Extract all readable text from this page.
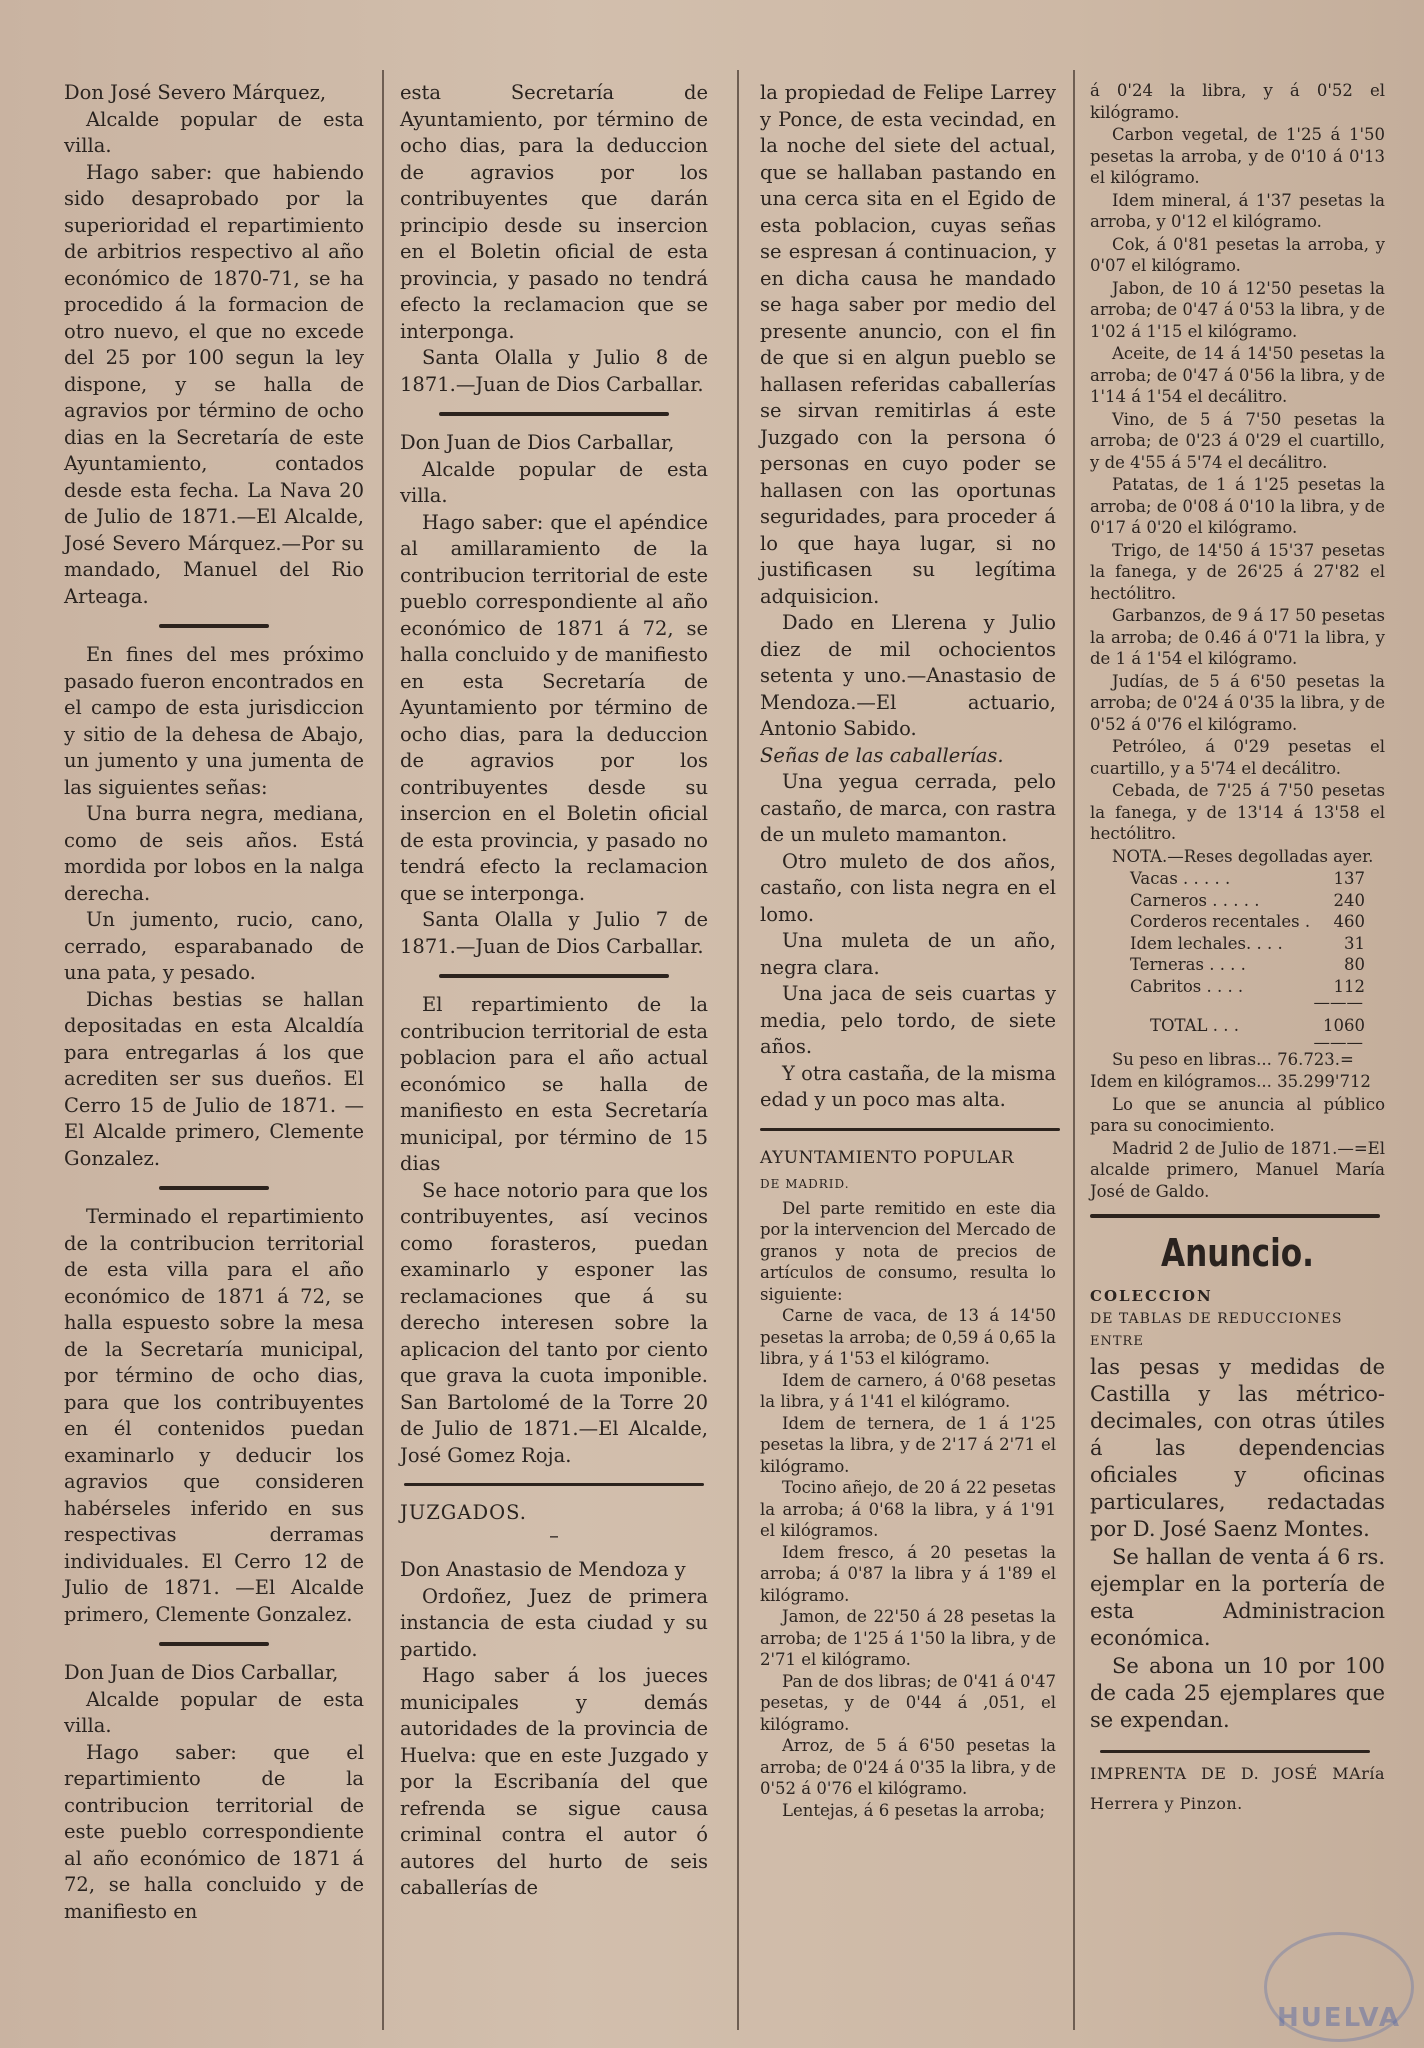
Don José Severo Márquez,

Alcalde popular de esta villa.

Hago saber: que habiendo sido desaprobado por la superioridad el repartimiento de arbitrios respectivo al año económico de 1870-71, se ha procedido á la formacion de otro nuevo, el que no excede del 25 por 100 segun la ley dispone, y se halla de agravios por término de ocho dias en la Secretaría de este Ayuntamiento, contados desde esta fecha. La Nava 20 de Julio de 1871.—El Alcalde, José Severo Márquez.—Por su mandado, Manuel del Rio Arteaga.

En fines del mes próximo pasado fueron encontrados en el campo de esta jurisdiccion y sitio de la dehesa de Abajo, un jumento y una jumenta de las siguientes señas:

Una burra negra, mediana, como de seis años. Está mordida por lobos en la nalga derecha.

Un jumento, rucio, cano, cerrado, esparabanado de una pata, y pesado.

Dichas bestias se hallan depositadas en esta Alcaldía para entregarlas á los que acrediten ser sus dueños. El Cerro 15 de Julio de 1871. —El Alcalde primero, Clemente Gonzalez.

Terminado el repartimiento de la contribucion territorial de esta villa para el año económico de 1871 á 72, se halla espuesto sobre la mesa de la Secretaría municipal, por término de ocho dias, para que los contribuyentes en él contenidos puedan examinarlo y deducir los agravios que consideren habérseles inferido en sus respectivas derramas individuales. El Cerro 12 de Julio de 1871. —El Alcalde primero, Clemente Gonzalez.

Don Juan de Dios Carballar,

Alcalde popular de esta villa.

Hago saber: que el repartimiento de la contribucion territorial de este pueblo correspondiente al año económico de 1871 á 72, se halla concluido y de manifiesto en

esta Secretaría de Ayuntamiento, por término de ocho dias, para la deduccion de agravios por los contribuyentes que darán principio desde su insercion en el Boletin oficial de esta provincia, y pasado no tendrá efecto la reclamacion que se interponga.

Santa Olalla y Julio 8 de 1871.—Juan de Dios Carballar.

Don Juan de Dios Carballar,

Alcalde popular de esta villa.

Hago saber: que el apéndice al amillaramiento de la contribucion territorial de este pueblo correspondiente al año económico de 1871 á 72, se halla concluido y de manifiesto en esta Secretaría de Ayuntamiento por término de ocho dias, para la deduccion de agravios por los contribuyentes desde su insercion en el Boletin oficial de esta provincia, y pasado no tendrá efecto la reclamacion que se interponga.

Santa Olalla y Julio 7 de 1871.—Juan de Dios Carballar.

El repartimiento de la contribucion territorial de esta poblacion para el año actual económico se halla de manifiesto en esta Secretaría municipal, por término de 15 dias

Se hace notorio para que los contribuyentes, así vecinos como forasteros, puedan examinarlo y esponer las reclamaciones que á su derecho interesen sobre la aplicacion del tanto por ciento que grava la cuota imponible. San Bartolomé de la Torre 20 de Julio de 1871.—El Alcalde, José Gomez Roja.

JUZGADOS.

–

Don Anastasio de Mendoza y

Ordoñez, Juez de primera instancia de esta ciudad y su partido.

Hago saber á los jueces municipales y demás autoridades de la provincia de Huelva: que en este Juzgado y por la Escribanía del que refrenda se sigue causa criminal contra el autor ó autores del hurto de seis caballerías de

la propiedad de Felipe Larrey y Ponce, de esta vecindad, en la noche del siete del actual, que se hallaban pastando en una cerca sita en el Egido de esta poblacion, cuyas señas se espresan á continuacion, y en dicha causa he mandado se haga saber por medio del presente anuncio, con el fin de que si en algun pueblo se hallasen referidas caballerías se sirvan remitirlas á este Juzgado con la persona ó personas en cuyo poder se hallasen con las oportunas seguridades, para proceder á lo que haya lugar, si no justificasen su legítima adquisicion.

Dado en Llerena y Julio diez de mil ochocientos setenta y uno.—Anastasio de Mendoza.—El actuario, Antonio Sabido.

Señas de las caballerías.

Una yegua cerrada, pelo castaño, de marca, con rastra de un muleto mamanton.

Otro muleto de dos años, castaño, con lista negra en el lomo.

Una muleta de un año, negra clara.

Una jaca de seis cuartas y media, pelo tordo, de siete años.

Y otra castaña, de la misma edad y un poco mas alta.

AYUNTAMIENTO POPULAR

DE MADRID.

Del parte remitido en este dia por la intervencion del Mercado de granos y nota de precios de artículos de consumo, resulta lo siguiente:

Carne de vaca, de 13 á 14'50 pesetas la arroba; de 0,59 á 0,65 la libra, y á 1'53 el kilógramo.

Idem de carnero, á 0'68 pesetas la libra, y á 1'41 el kilógramo.

Idem de ternera, de 1 á 1'25 pesetas la libra, y de 2'17 á 2'71 el kilógramo.

Tocino añejo, de 20 á 22 pesetas la arroba; á 0'68 la libra, y á 1'91 el kilógramos.

Idem fresco, á 20 pesetas la arroba; á 0'87 la libra y á 1'89 el kilógramo.

Jamon, de 22'50 á 28 pesetas la arroba; de 1'25 á 1'50 la libra, y de 2'71 el kilógramo.

Pan de dos libras; de 0'41 á 0'47 pesetas, y de 0'44 á ,051, el kilógramo.

Arroz, de 5 á 6'50 pesetas la arroba; de 0'24 á 0'35 la libra, y de 0'52 á 0'76 el kilógramo.

Lentejas, á 6 pesetas la arroba;

á 0'24 la libra, y á 0'52 el kilógramo.

Carbon vegetal, de 1'25 á 1'50 pesetas la arroba, y de 0'10 á 0'13 el kilógramo.

Idem mineral, á 1'37 pesetas la arroba, y 0'12 el kilógramo.

Cok, á 0'81 pesetas la arroba, y 0'07 el kilógramo.

Jabon, de 10 á 12'50 pesetas la arroba; de 0'47 á 0'53 la libra, y de 1'02 á 1'15 el kilógramo.

Aceite, de 14 á 14'50 pesetas la arroba; de 0'47 á 0'56 la libra, y de 1'14 á 1'54 el decálitro.

Vino, de 5 á 7'50 pesetas la arroba; de 0'23 á 0'29 el cuartillo, y de 4'55 á 5'74 el decálitro.

Patatas, de 1 á 1'25 pesetas la arroba; de 0'08 á 0'10 la libra, y de 0'17 á 0'20 el kilógramo.

Trigo, de 14'50 á 15'37 pesetas la fanega, y de 26'25 á 27'82 el hectólitro.

Garbanzos, de 9 á 17 50 pesetas la arroba; de 0.46 á 0'71 la libra, y de 1 á 1'54 el kilógramo.

Judías, de 5 á 6'50 pesetas la arroba; de 0'24 á 0'35 la libra, y de 0'52 á 0'76 el kilógramo.

Petróleo, á 0'29 pesetas el cuartillo, y a 5'74 el decálitro.

Cebada, de 7'25 á 7'50 pesetas la fanega, y de 13'14 á 13'58 el hectólitro.

NOTA.—Reses degolladas ayer.

Vacas . . . . .	137
Carneros . . . . .	240
Corderos recentales . 460
Idem lechales. . . .	31
Terneras . . . .	80
Cabritos . . . .	112
———
TOTAL . . .	1060
———

Su peso en libras... 76.723.=

Idem en kilógramos... 35.299'712

Lo que se anuncia al público para su conocimiento.

Madrid 2 de Julio de 1871.—=El alcalde primero, Manuel María José de Galdo.

Anuncio.

COLECCION

DE TABLAS DE REDUCCIONES

ENTRE

las pesas y medidas de Castilla y las métrico-decimales, con otras útiles á las dependencias oficiales y oficinas particulares, redactadas por D. José Saenz Montes.

Se hallan de venta á 6 rs. ejemplar en la portería de esta Administracion económica.

Se abona un 10 por 100 de cada 25 ejemplares que se expendan.

IMPRENTA DE D. JOSÉ MAría Herrera y Pinzon.

HUELVA
